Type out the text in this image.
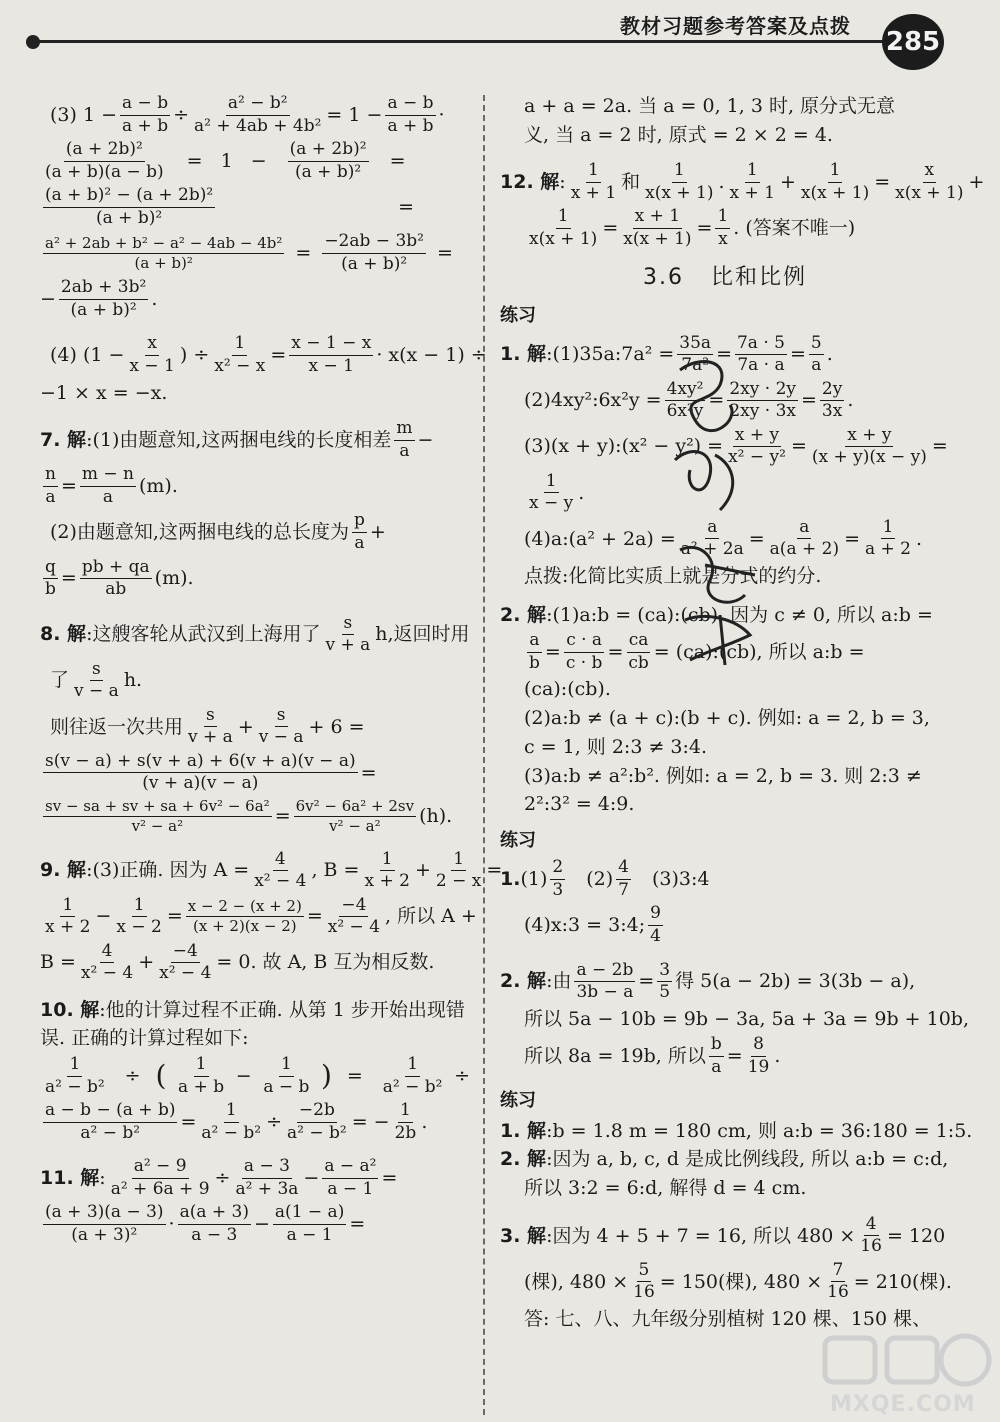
教材习题参考答案及点拨
285
(3) $1 - \frac{a - b}{a + b} \div \frac{\text{a² − b²}}{\text{a² + 4ab + 4b²}} = 1 - \frac{a - b}{a + b}$ ·
$\frac{\text{(a + 2b)²}}{(a + b)(a - b)} = 1 - \frac{\text{(a + 2b)²}}{\text{(a + b)²}}$ =
$\frac{\text{(a + b)² − (a + 2b)²}}{\text{(a + b)²}}$	=
$\frac{\text{a² + 2ab + b² − a² − 4ab − 4b²}}{\text{(a + b)²}} = \frac{\text{−2ab − 3b²}}{\text{(a + b)²}}$ =
− $\frac{\text{2ab + 3b²}}{\text{(a + b)²}}$ .
(4) ($1 - \frac{x}{x - 1}$ ) ÷ $\frac{1}{\text{x² − x}} = \frac{x - 1 - x}{x - 1} \cdot x(x - 1)$ ÷
−1 × x = −x.
7. 解 :(1)由题意知,这两捆电线的长度相差 $\frac{m}{a}$ −
$\frac{n}{a} = \frac{m - n}{a} (m)$.
(2)由题意知,这两捆电线的总长度为 $\frac{p}{a}$ +
$\frac{q}{b} = \frac{pb + qa}{ab} (m)$.
8. 解 :这艘客轮从武汉到上海用了 $\frac{s}{v + a} h$,返回时用
了 $\frac{s}{v - a} h$.
则往返一次共用 $\frac{s}{v + a} + \frac{s}{v - a} + 6$ =
$\frac{s(v - a) + s(v + a) + 6(v + a)(v - a)}{(v + a)(v - a)}$ =
$\frac{\text{sv − sa + sv + sa + 6v² − 6a²}}{\text{v² − a²}} = \frac{\text{6v² − 6a² + 2sv}}{\text{v² − a²}} (h)$.
9. 解 :(3)正确. 因为 $A = \frac{4}{\text{x² − 4}}$ , $B = \frac{1}{x + 2} + \frac{1}{2 - x}$ =
$\frac{1}{x + 2} - \frac{1}{x - 2} = \frac{x - 2 - (x + 2)}{(x + 2)(x - 2)} = \frac{-4}{\text{x² − 4}}$ , 所以 A +
$B = \frac{4}{\text{x² − 4}} + \frac{-4}{\text{x² − 4}} = 0$. 故 A, B 互为相反数.
10. 解 :他的计算过程不正确. 从第 1 步开始出现错
误. 正确的计算过程如下:
$\frac{1}{\text{a² − b²}}$ ÷ ( $\frac{1}{a + b} - \frac{1}{a - b}$ ) = $\frac{1}{\text{a² − b²}}$ ÷
$\frac{a - b - (a + b)}{\text{a² − b²}} = \frac{1}{\text{a² − b²}} \div \frac{-2b}{\text{a² − b²}}$ = − $\frac{1}{2b}$ .
11. 解 : $\frac{\text{a² − 9}}{\text{a² + 6a + 9}} \div \frac{a - 3}{\text{a² + 3a}} - \frac{\text{a − a²}}{a - 1}$ =
$\frac{(a + 3)(a - 3)}{\text{(a + 3)²}} \cdot \frac{a(a + 3)}{a - 3} - \frac{a(1 - a)}{a - 1}$ =
a + a = 2a. 当 a = 0, 1, 3 时, 原分式无意
义, 当 a = 2 时, 原式 = 2 × 2 = 4.
12. 解 : $\frac{1}{x + 1}$ 和 $\frac{1}{x(x + 1)}$ . $\frac{1}{x + 1} + \frac{1}{x(x + 1)} = \frac{x}{x(x + 1)}$ +
$\frac{1}{x(x + 1)} = \frac{x + 1}{x(x + 1)} = \frac{1}{x}$ . (答案不唯一)
3.6 比和比例
练习
1. 解 :(1)35a:7a² = $\frac{35a}{\text{7a²}} = \frac{7a \cdot 5}{7a \cdot a} = \frac{5}{a}$ .
(2)4xy²:6x²y = $\frac{\text{4xy²}}{\text{6x²y}} = \frac{2xy \cdot 2y}{2xy \cdot 3x} = \frac{2y}{3x}$ .
(3)(x + y):(x² − $y^2) = \frac{x + y}{\text{x² − y²}} = \frac{x + y}{(x + y)(x - y)}$ =
$\frac{1}{x - y}$ .
(4)a:(a² + $2a) = \frac{a}{\text{a² + 2a}} = \frac{a}{a(a + 2)} = \frac{1}{a + 2}$ .
点拨:化简比实质上就是分式的约分.
2. 解 :(1)a:b = (ca):(cb). 因为 c ≠ 0, 所以 a:b =
$\frac{a}{b} = \frac{c \cdot a}{c \cdot b} = \frac{ca}{cb}$ = (ca):(cb), 所以 a:b =
(ca):(cb).
(2)a:b ≠ (a + c):(b + c). 例如: a = 2, b = 3,
c = 1, 则 2:3 ≠ 3:4.
(3)a:b ≠ a²:b². 例如: a = 2, b = 3. 则 2:3 ≠
2²:3² = 4:9.
练习
1. $(1) \frac{2}{3} (2) \frac{4}{7}$ (3)3:4
(4)x:3 = 3:4; $\frac{9}{4}$
2. 解 :由 $\frac{a - 2b}{3b - a} = \frac{3}{5}$ 得 5(a − 2b) = 3(3b − a),
所以 5a − 10b = 9b − 3a, 5a + 3a = 9b + 10b,
所以 8a = 19b, 所以 $\frac{b}{a} = \frac{8}{19}$ .
练习
1. 解 :b = 1.8 m = 180 cm, 则 a:b = 36:180 = 1:5.
2. 解 :因为 a, b, c, d 是成比例线段, 所以 a:b = c:d,
所以 3:2 = 6:d, 解得 d = 4 cm.
3. 解 :因为 4 + 5 + 7 = 16, 所以 $480 \times \frac{4}{16} = 120$
(棵), $480 \times \frac{5}{16} = 150$(棵), $480 \times \frac{7}{16} = 210$(棵).
答: 七、八、九年级分别植树 120 棵、150 棵、
MXQE.COM
